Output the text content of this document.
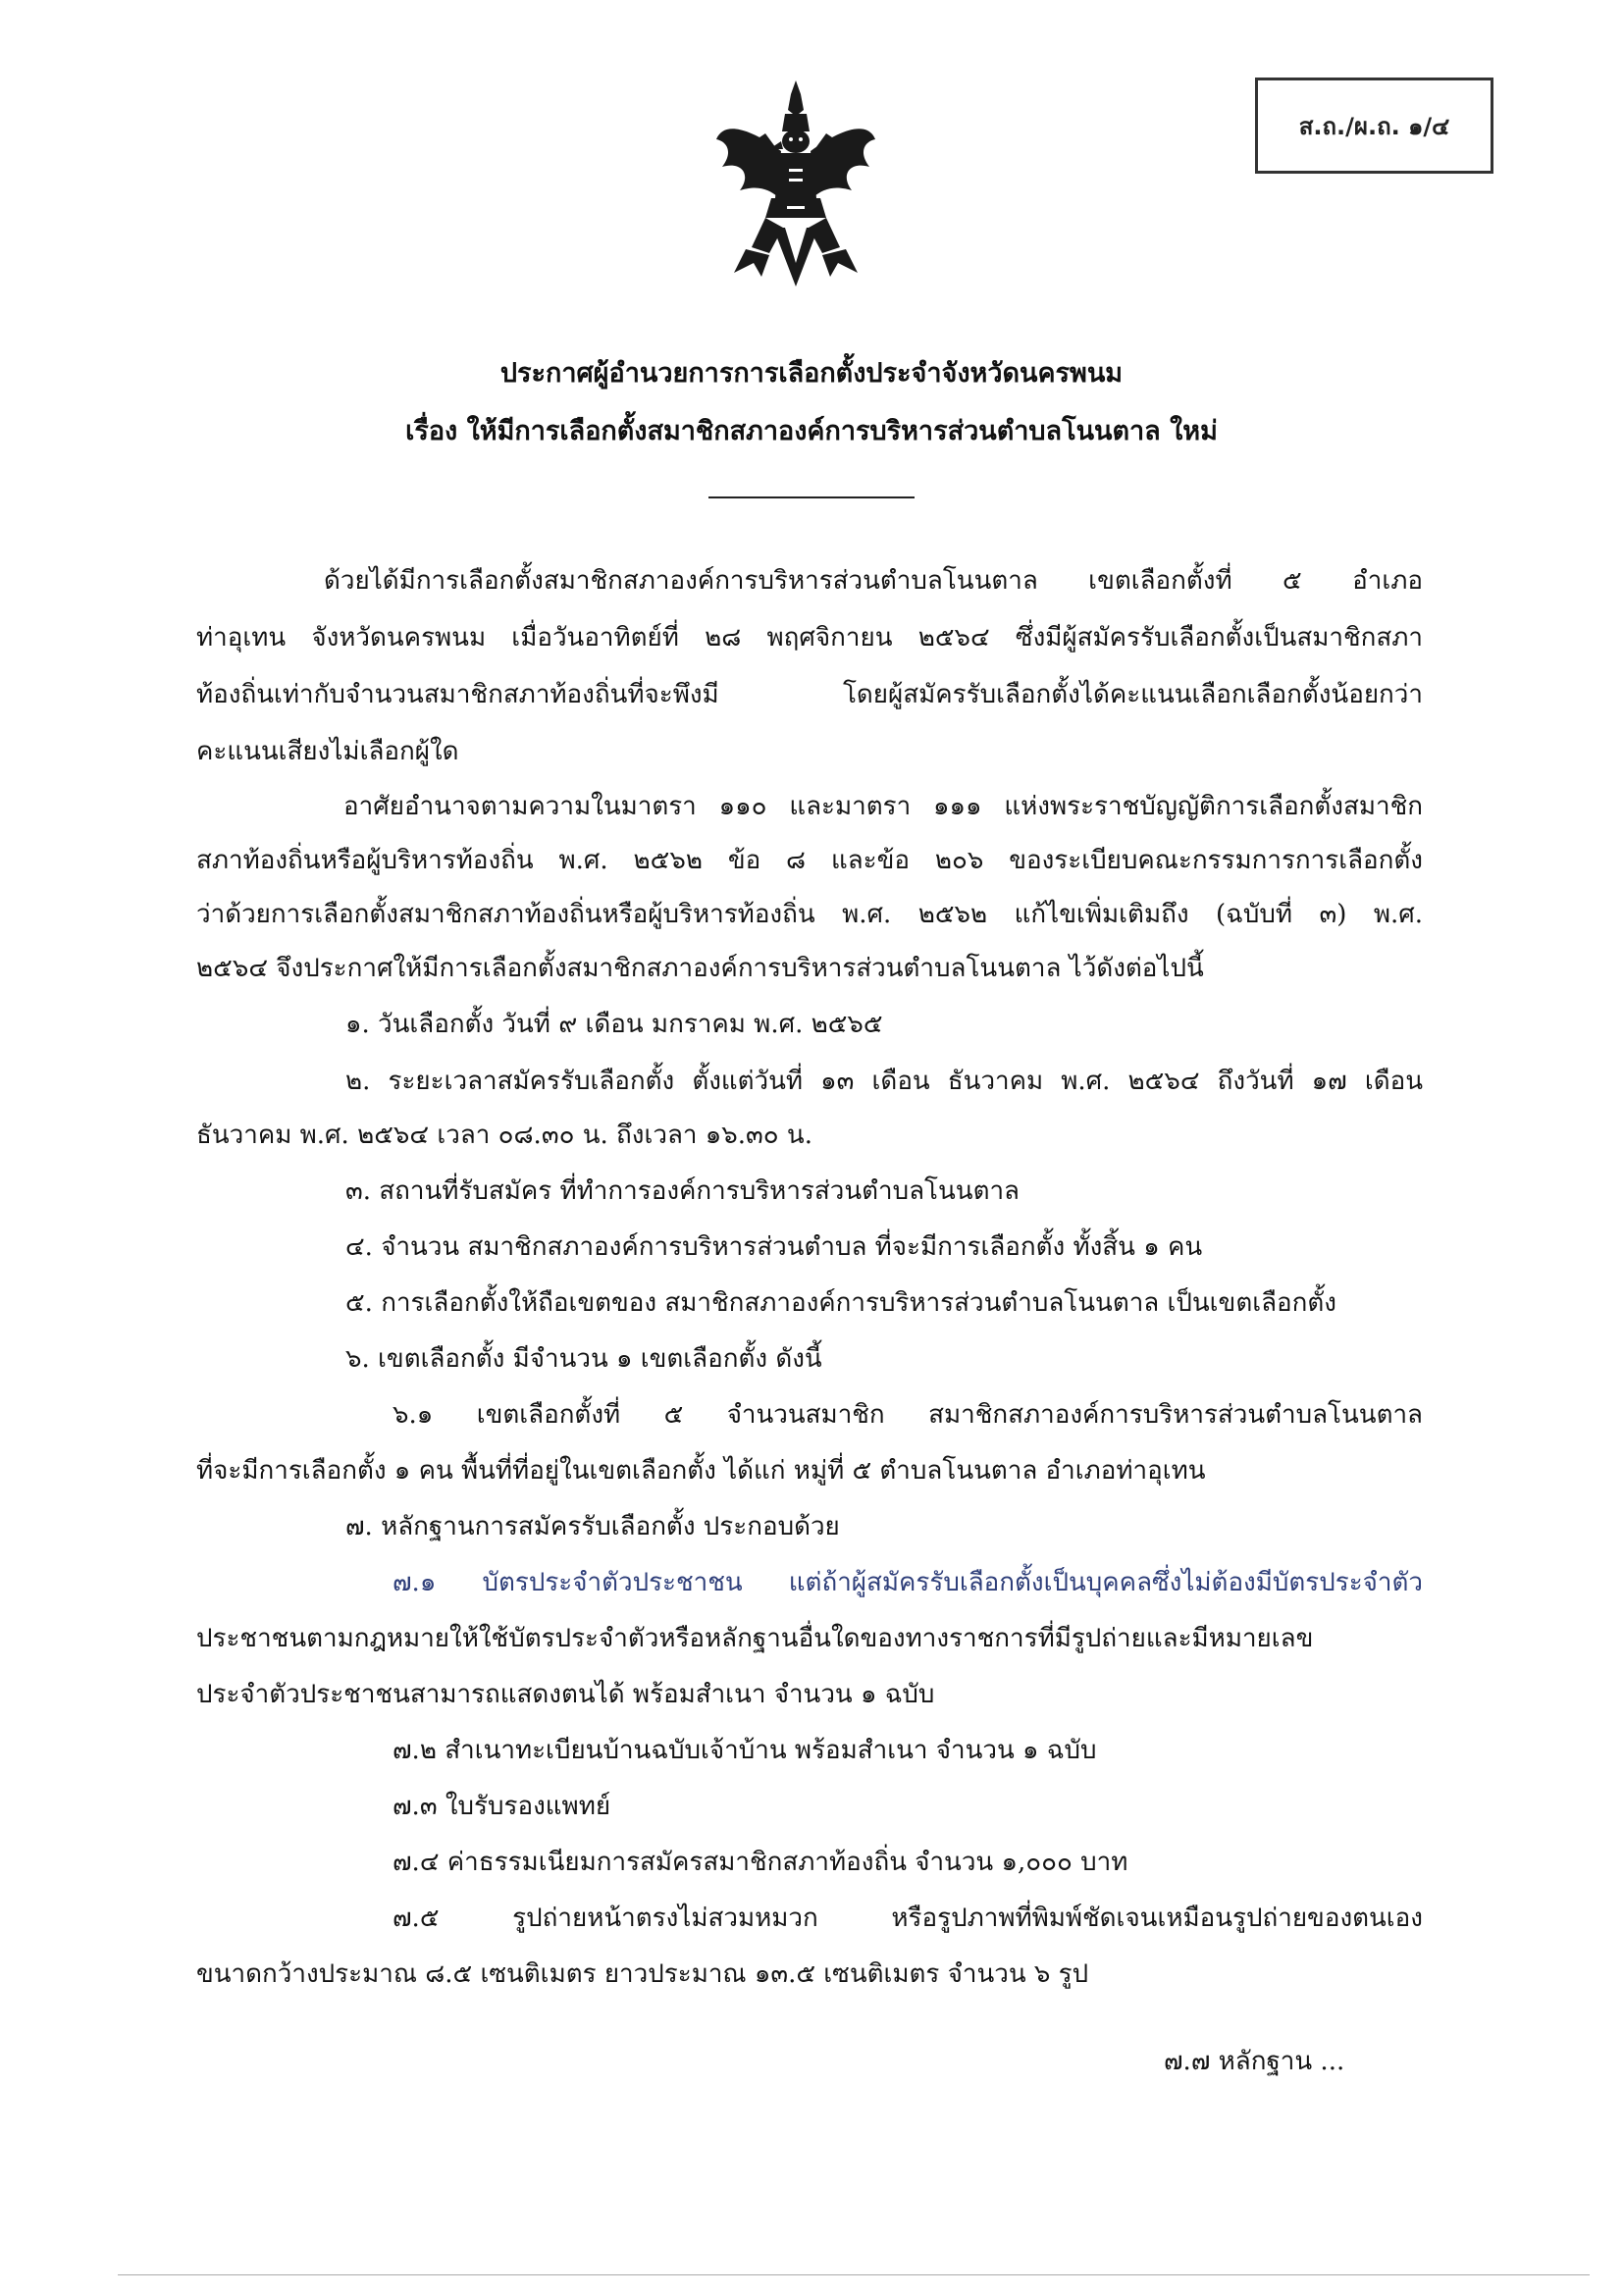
ส.ถ./ผ.ถ. ๑/๔
ประกาศผู้อำนวยการการเลือกตั้งประจำจังหวัดนครพนม
เรื่อง ให้มีการเลือกตั้งสมาชิกสภาองค์การบริหารส่วนตำบลโนนตาล ใหม่
ด้วยได้มีการเลือกตั้งสมาชิกสภาองค์การบริหารส่วนตำบลโนนตาล เขตเลือกตั้งที่ ๕ อำเภอ
ท่าอุเทน จังหวัดนครพนม เมื่อวันอาทิตย์ที่ ๒๘ พฤศจิกายน ๒๕๖๔ ซึ่งมีผู้สมัครรับเลือกตั้งเป็นสมาชิกสภา
ท้องถิ่นเท่ากับจำนวนสมาชิกสภาท้องถิ่นที่จะพึงมี โดยผู้สมัครรับเลือกตั้งได้คะแนนเลือกเลือกตั้งน้อยกว่า
คะแนนเสียงไม่เลือกผู้ใด
อาศัยอำนาจตามความในมาตรา ๑๑๐ และมาตรา ๑๑๑ แห่งพระราชบัญญัติการเลือกตั้งสมาชิก
สภาท้องถิ่นหรือผู้บริหารท้องถิ่น พ.ศ. ๒๕๖๒ ข้อ ๘ และข้อ ๒๐๖ ของระเบียบคณะกรรมการการเลือกตั้ง
ว่าด้วยการเลือกตั้งสมาชิกสภาท้องถิ่นหรือผู้บริหารท้องถิ่น พ.ศ. ๒๕๖๒ แก้ไขเพิ่มเติมถึง (ฉบับที่ ๓) พ.ศ.
๒๕๖๔ จึงประกาศให้มีการเลือกตั้งสมาชิกสภาองค์การบริหารส่วนตำบลโนนตาล ไว้ดังต่อไปนี้
๑. วันเลือกตั้ง วันที่ ๙ เดือน มกราคม พ.ศ. ๒๕๖๕
๒. ระยะเวลาสมัครรับเลือกตั้ง ตั้งแต่วันที่ ๑๓ เดือน ธันวาคม พ.ศ. ๒๕๖๔ ถึงวันที่ ๑๗ เดือน
ธันวาคม พ.ศ. ๒๕๖๔ เวลา ๐๘.๓๐ น. ถึงเวลา ๑๖.๓๐ น.
๓. สถานที่รับสมัคร ที่ทำการองค์การบริหารส่วนตำบลโนนตาล
๔. จำนวน สมาชิกสภาองค์การบริหารส่วนตำบล ที่จะมีการเลือกตั้ง ทั้งสิ้น ๑ คน
๕. การเลือกตั้งให้ถือเขตของ สมาชิกสภาองค์การบริหารส่วนตำบลโนนตาล เป็นเขตเลือกตั้ง
๖. เขตเลือกตั้ง มีจำนวน ๑ เขตเลือกตั้ง ดังนี้
๖.๑ เขตเลือกตั้งที่ ๕ จำนวนสมาชิก สมาชิกสภาองค์การบริหารส่วนตำบลโนนตาล
ที่จะมีการเลือกตั้ง ๑ คน พื้นที่ที่อยู่ในเขตเลือกตั้ง ได้แก่ หมู่ที่ ๕ ตำบลโนนตาล อำเภอท่าอุเทน
๗. หลักฐานการสมัครรับเลือกตั้ง ประกอบด้วย
๗.๑ บัตรประจำตัวประชาชน แต่ถ้าผู้สมัครรับเลือกตั้งเป็นบุคคลซึ่งไม่ต้องมีบัตรประจำตัว
ประชาชนตามกฎหมายให้ใช้บัตรประจำตัวหรือหลักฐานอื่นใดของทางราชการที่มีรูปถ่ายและมีหมายเลข
ประจำตัวประชาชนสามารถแสดงตนได้ พร้อมสำเนา จำนวน ๑ ฉบับ
๗.๒ สำเนาทะเบียนบ้านฉบับเจ้าบ้าน พร้อมสำเนา จำนวน ๑ ฉบับ
๗.๓ ใบรับรองแพทย์
๗.๔ ค่าธรรมเนียมการสมัครสมาชิกสภาท้องถิ่น จำนวน ๑,๐๐๐ บาท
๗.๕ รูปถ่ายหน้าตรงไม่สวมหมวก หรือรูปภาพที่พิมพ์ชัดเจนเหมือนรูปถ่ายของตนเอง
ขนาดกว้างประมาณ ๘.๕ เซนติเมตร ยาวประมาณ ๑๓.๕ เซนติเมตร จำนวน ๖ รูป
๗.๗ หลักฐาน ...
